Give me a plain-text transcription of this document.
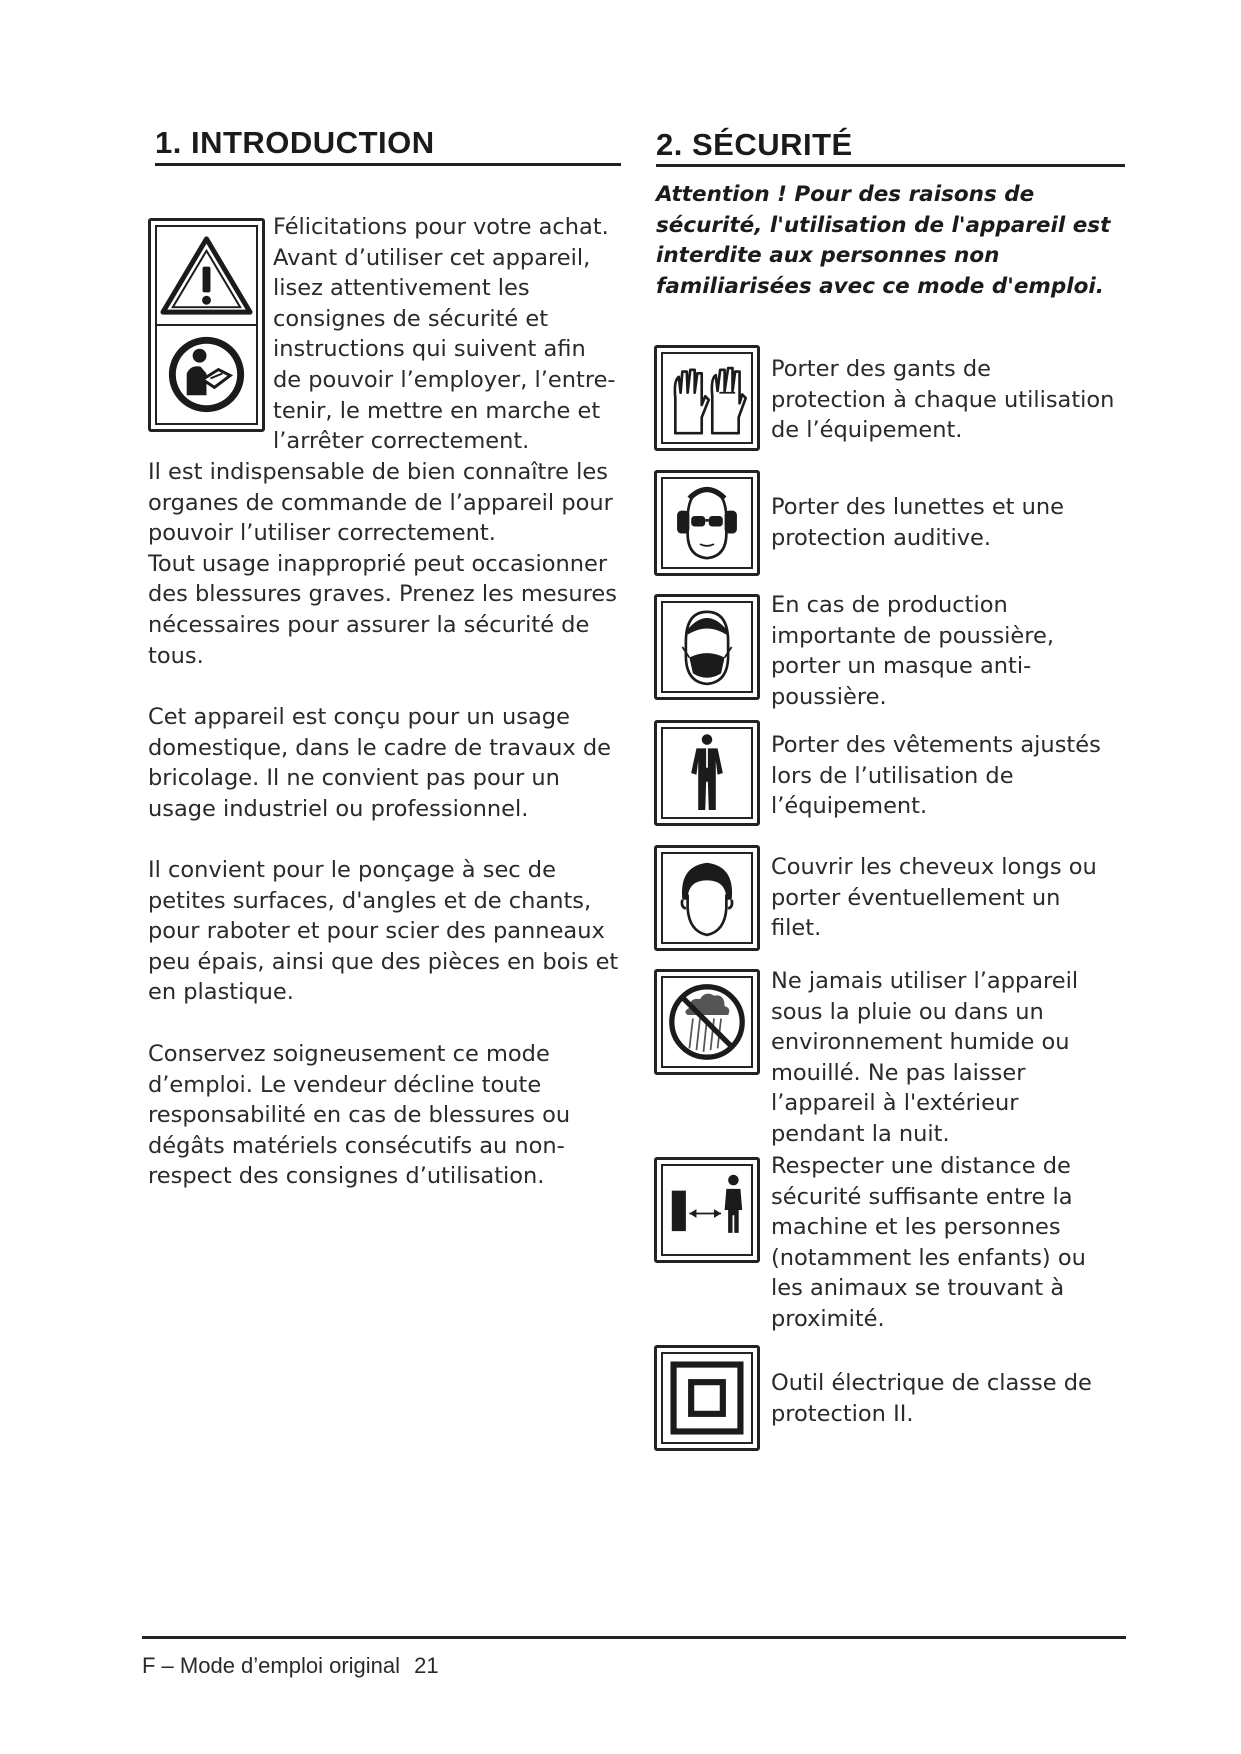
1. INTRODUCTION
Félicitations pour votre achat.
Avant d’utiliser cet appareil,
lisez attentivement les
consignes de sécurité et
instructions qui suivent afin
de pouvoir l’employer, l’entre-
tenir, le mettre en marche et
l’arrêter correctement.
Il est indispensable de bien connaître les
organes de commande de l’appareil pour
pouvoir l’utiliser correctement.
Tout usage inapproprié peut occasionner
des blessures graves. Prenez les mesures
nécessaires pour assurer la sécurité de
tous.
Cet appareil est conçu pour un usage
domestique, dans le cadre de travaux de
bricolage. Il ne convient pas pour un
usage industriel ou professionnel.
Il convient pour le ponçage à sec de
petites surfaces, d'angles et de chants,
pour raboter et pour scier des panneaux
peu épais, ainsi que des pièces en bois et
en plastique.
Conservez soigneusement ce mode
d’emploi. Le vendeur décline toute
responsabilité en cas de blessures ou
dégâts matériels consécutifs au non-
respect des consignes d’utilisation.
2. SÉCURITÉ
Attention ! Pour des raisons de
sécurité, l'utilisation de l'appareil est
interdite aux personnes non
familiarisées avec ce mode d'emploi.
Porter des gants de
protection à chaque utilisation
de l’équipement.
Porter des lunettes et une
protection auditive.
En cas de production
importante de poussière,
porter un masque anti-
poussière.
Porter des vêtements ajustés
lors de l’utilisation de
l’équipement.
Couvrir les cheveux longs ou
porter éventuellement un
filet.
Ne jamais utiliser l’appareil
sous la pluie ou dans un
environnement humide ou
mouillé. Ne pas laisser
l’appareil à l'extérieur
pendant la nuit.
Respecter une distance de
sécurité suffisante entre la
machine et les personnes
(notamment les enfants) ou
les animaux se trouvant à
proximité.
Outil électrique de classe de
protection II.
F – Mode d’emploi original 21
